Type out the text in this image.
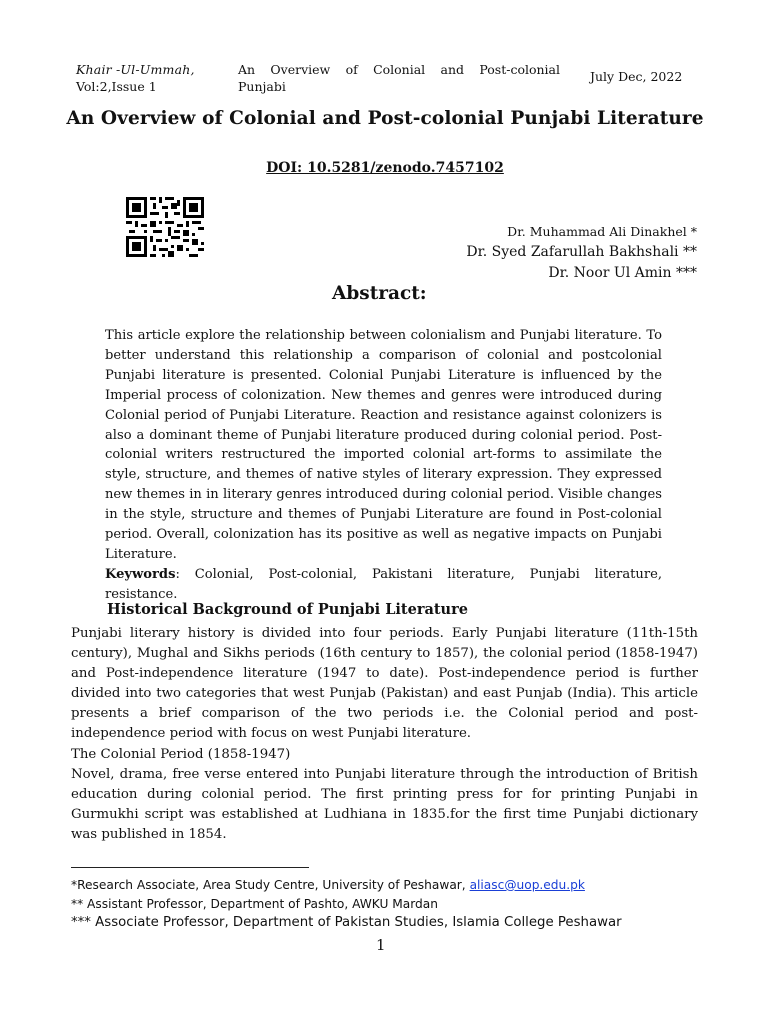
Khair -Ul-Ummah,
Vol:2,Issue 1
An Overview of Colonial and Post-colonial Punjabi
July Dec, 2022
An Overview of Colonial and Post-colonial Punjabi Literature
DOI: 10.5281/zenodo.7457102
Dr. Muhammad Ali Dinakhel *
Dr. Syed Zafarullah Bakhshali **
Dr. Noor Ul Amin ***
Abstract:

This article explore the relationship between colonialism and Punjabi literature. To better understand this relationship a comparison of colonial and postcolonial Punjabi literature is presented. Colonial Punjabi Literature is influenced by the Imperial process of colonization. New themes and genres were introduced during Colonial period of Punjabi Literature. Reaction and resistance against colonizers is also a dominant theme of Punjabi literature produced during colonial period. Post-colonial writers restructured the imported colonial art-forms to assimilate the style, structure, and themes of native styles of literary expression. They expressed new themes in in literary genres introduced during colonial period. Visible changes in the style, structure and themes of Punjabi Literature are found in Post-colonial period. Overall, colonization has its positive as well as negative impacts on Punjabi Literature.

Keywords: Colonial, Post-colonial, Pakistani literature, Punjabi literature, resistance.

Historical Background of Punjabi Literature

Punjabi literary history is divided into four periods. Early Punjabi literature (11th-15th century), Mughal and Sikhs periods (16th century to 1857), the colonial period (1858-1947) and Post-independence literature (1947 to date). Post-independence period is further divided into two categories that west Punjab (Pakistan) and east Punjab (India). This article presents a brief comparison of the two periods i.e. the Colonial period and post-independence period with focus on west Punjabi literature.

The Colonial Period (1858-1947)

Novel, drama, free verse entered into Punjabi literature through the introduction of British education during colonial period. The first printing press for for printing Punjabi in Gurmukhi script was established at Ludhiana in 1835.for the first time Punjabi dictionary was published in 1854.

*Research Associate, Area Study Centre, University of Peshawar, aliasc@uop.edu.pk
** Assistant Professor, Department of Pashto, AWKU Mardan
*** Associate Professor, Department of Pakistan Studies, Islamia College Peshawar
1
